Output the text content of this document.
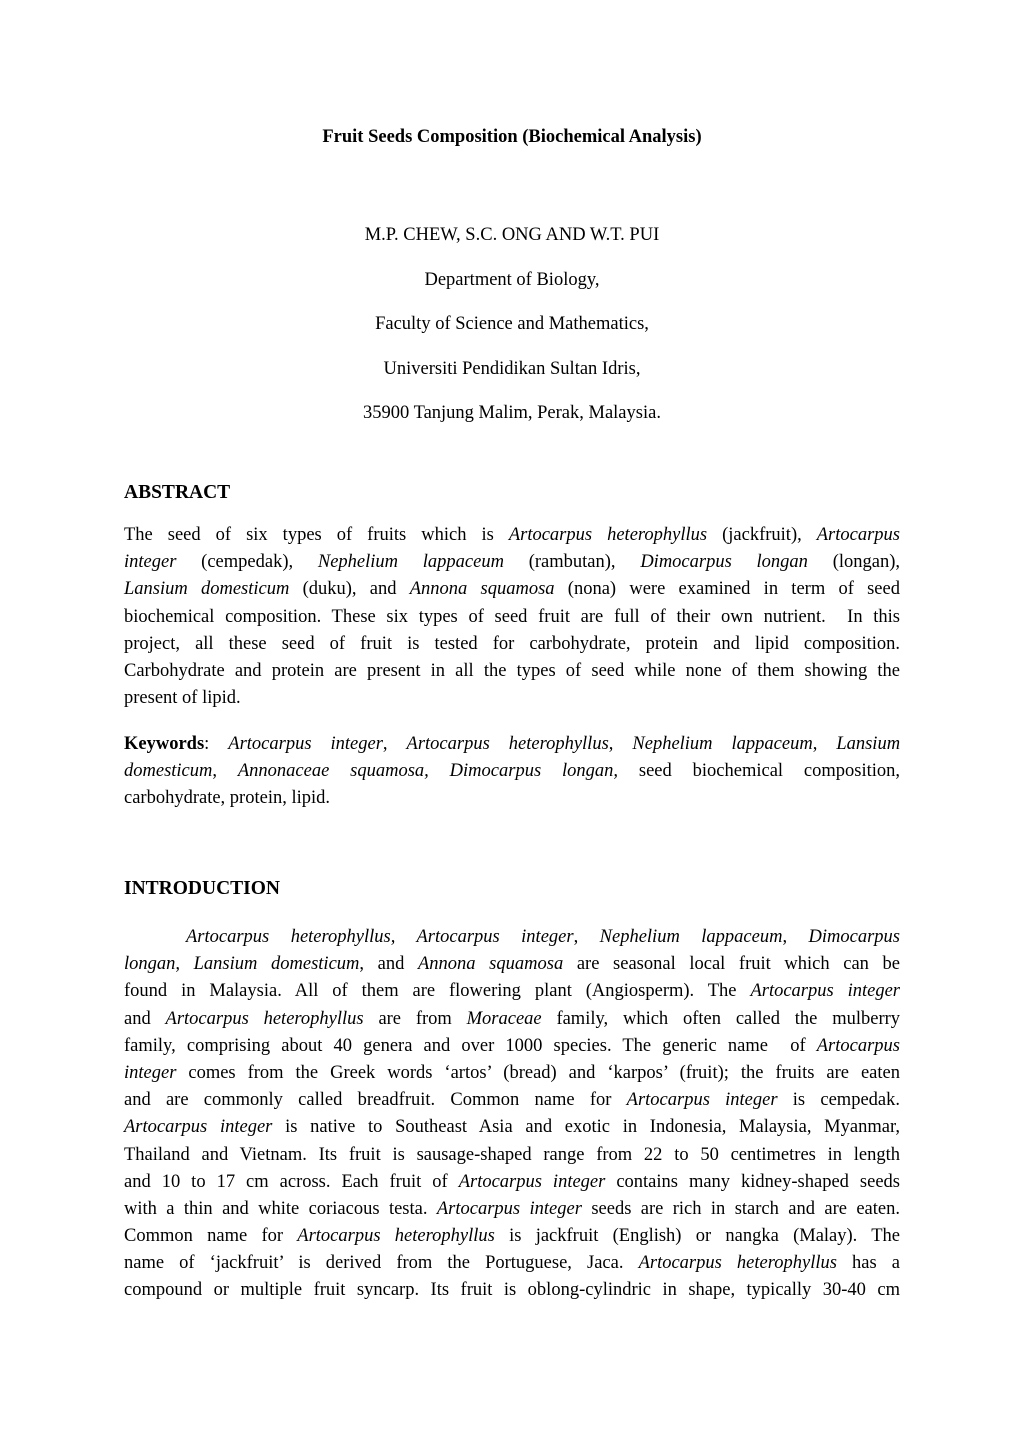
Fruit Seeds Composition (Biochemical Analysis)
M.P. CHEW, S.C. ONG AND W.T. PUI
Department of Biology,
Faculty of Science and Mathematics,
Universiti Pendidikan Sultan Idris,
35900 Tanjung Malim, Perak, Malaysia.
ABSTRACT
The seed of six types of fruits which is Artocarpus heterophyllus (jackfruit), Artocarpus
integer (cempedak), Nephelium lappaceum (rambutan), Dimocarpus longan (longan),
Lansium domesticum (duku), and Annona squamosa (nona) were examined in term of seed
biochemical composition. These six types of seed fruit are full of their own nutrient.  In this
project, all these seed of fruit is tested for carbohydrate, protein and lipid composition.
Carbohydrate and protein are present in all the types of seed while none of them showing the
present of lipid.
Keywords: Artocarpus integer, Artocarpus heterophyllus, Nephelium lappaceum, Lansium
domesticum, Annonaceae squamosa, Dimocarpus longan, seed biochemical composition,
carbohydrate, protein, lipid.
INTRODUCTION
Artocarpus heterophyllus, Artocarpus integer, Nephelium lappaceum, Dimocarpus
longan, Lansium domesticum, and Annona squamosa are seasonal local fruit which can be
found in Malaysia. All of them are flowering plant (Angiosperm). The Artocarpus integer
and Artocarpus heterophyllus are from Moraceae family, which often called the mulberry
family, comprising about 40 genera and over 1000 species. The generic name  of Artocarpus
integer comes from the Greek words ‘artos’ (bread) and ‘karpos’ (fruit); the fruits are eaten
and are commonly called breadfruit. Common name for Artocarpus integer is cempedak.
Artocarpus integer is native to Southeast Asia and exotic in Indonesia, Malaysia, Myanmar,
Thailand and Vietnam. Its fruit is sausage-shaped range from 22 to 50 centimetres in length
and 10 to 17 cm across. Each fruit of Artocarpus integer contains many kidney-shaped seeds
with a thin and white coriacous testa. Artocarpus integer seeds are rich in starch and are eaten.
Common name for Artocarpus heterophyllus is jackfruit (English) or nangka (Malay). The
name of ‘jackfruit’ is derived from the Portuguese, Jaca. Artocarpus heterophyllus has a
compound or multiple fruit syncarp. Its fruit is oblong-cylindric in shape, typically 30-40 cm
